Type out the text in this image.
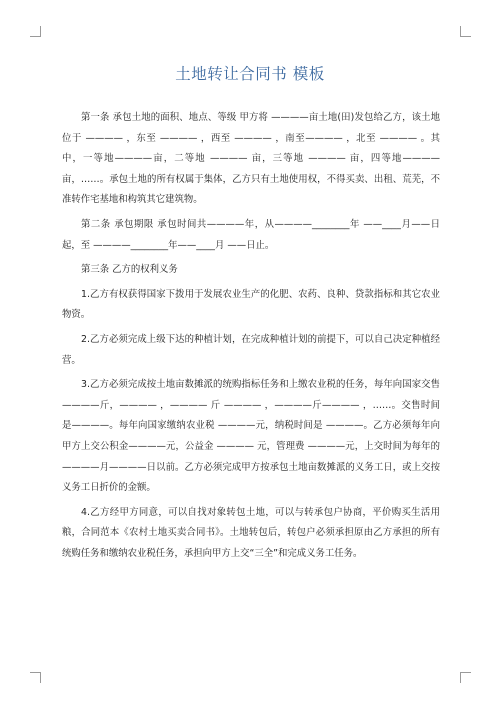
土地转让合同书 模板

第一条 承包土地的面积、地点、等级 甲方将 ————亩土地(田)发包给乙方，该土地位于 ———— ，东至 ———— ，西至 ———— ，南至———— ，北至 ———— 。其中，一等地————亩，二等地 ———— 亩，三等地 ———— 亩，四等地————亩，……。承包土地的所有权属于集体，乙方只有土地使用权，不得买卖、出租、荒芜，不准转作宅基地和构筑其它建筑物。

第二条 承包期限 承包时间共————年，从————________年 ——____月——日起，至 ————________年——____月 ——日止。

第三条 乙方的权利义务

1.乙方有权获得国家下拨用于发展农业生产的化肥、农药、良种、贷款指标和其它农业物资。

2.乙方必须完成上级下达的种植计划，在完成种植计划的前提下，可以自己决定种植经营。

3.乙方必须完成按土地亩数摊派的统购指标任务和上缴农业税的任务，每年向国家交售————斤，———— ，———— 斤 ———— ，————斤———— ，……。交售时间是————。每年向国家缴纳农业税 ————元，纳税时间是 ————。乙方必须每年向甲方上交公积金————元，公益金 ———— 元，管理费 ————元，上交时间为每年的————月————日以前。乙方必须完成甲方按承包土地亩数摊派的义务工日，或上交按义务工日折价的金额。

4.乙方经甲方同意，可以自找对象转包土地，可以与转承包户协商，平价购买生活用粮，合同范本《农村土地买卖合同书》。土地转包后，转包户必须承担原由乙方承担的所有统购任务和缴纳农业税任务，承担向甲方上交“三全”和完成义务工任务。
